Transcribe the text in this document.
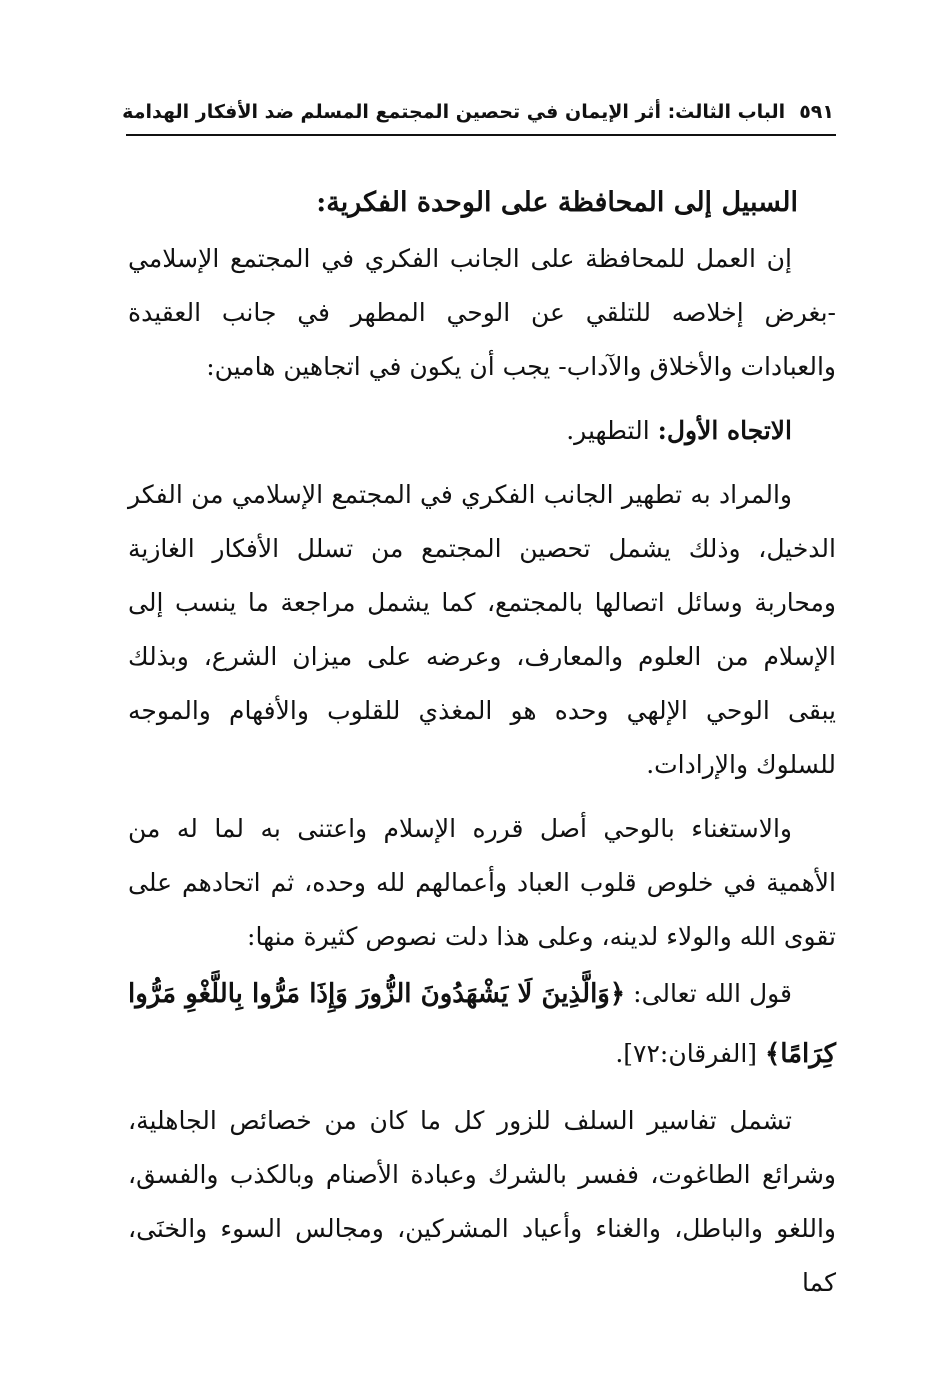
٥٩١
الباب الثالث: أثر الإيمان في تحصين المجتمع المسلم ضد الأفكار الهدامة

السبيل إلى المحافظة على الوحدة الفكرية:

إن العمل للمحافظة على الجانب الفكري في المجتمع الإسلامي -بغرض إخلاصه للتلقي عن الوحي المطهر في جانب العقيدة والعبادات والأخلاق والآداب- يجب أن يكون في اتجاهين هامين:

الاتجاه الأول: التطهير.

والمراد به تطهير الجانب الفكري في المجتمع الإسلامي من الفكر الدخيل، وذلك يشمل تحصين المجتمع من تسلل الأفكار الغازية ومحاربة وسائل اتصالها بالمجتمع، كما يشمل مراجعة ما ينسب إلى الإسلام من العلوم والمعارف، وعرضه على ميزان الشرع، وبذلك يبقى الوحي الإلهي وحده هو المغذي للقلوب والأفهام والموجه للسلوك والإرادات.

والاستغناء بالوحي أصل قرره الإسلام واعتنى به لما له من الأهمية في خلوص قلوب العباد وأعمالهم لله وحده، ثم اتحادهم على تقوى الله والولاء لدينه، وعلى هذا دلت نصوص كثيرة منها:

قول الله تعالى: ﴿وَالَّذِينَ لَا يَشْهَدُونَ الزُّورَ وَإِذَا مَرُّوا بِاللَّغْوِ مَرُّوا كِرَامًا﴾ [الفرقان:٧٢].

تشمل تفاسير السلف للزور كل ما كان من خصائص الجاهلية، وشرائع الطاغوت، ففسر بالشرك وعبادة الأصنام وبالكذب والفسق، واللغو والباطل، والغناء وأعياد المشركين، ومجالس السوء والخنَى، كما
